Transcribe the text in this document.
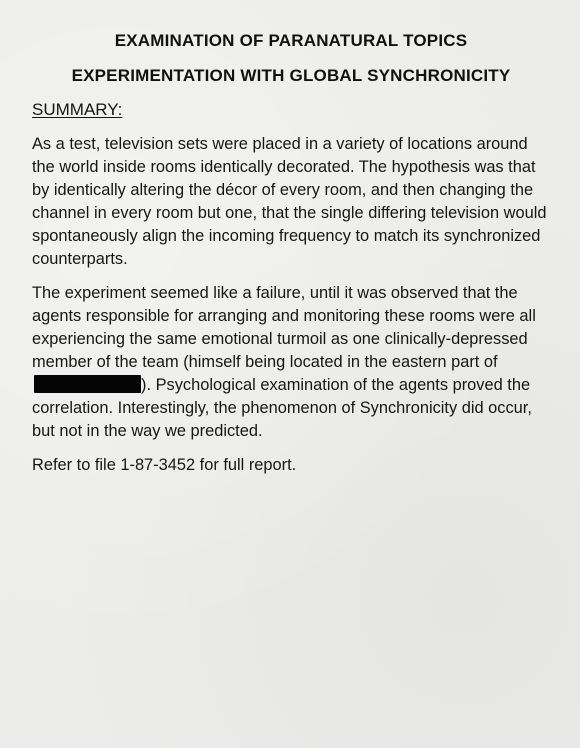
EXAMINATION OF PARANATURAL TOPICS

EXPERIMENTATION WITH GLOBAL SYNCHRONICITY

SUMMARY:

As a test, television sets were placed in a variety of locations around the world inside rooms identically decorated. The hypothesis was that by identically altering the décor of every room, and then changing the channel in every room but one, that the single differing television would spontaneously align the incoming frequency to match its synchronized counterparts.

The experiment seemed like a failure, until it was observed that the agents responsible for arranging and monitoring these rooms were all experiencing the same emotional turmoil as one clinically-depressed member of the team (himself being located in the eastern part of ). Psychological examination of the agents proved the correlation. Interestingly, the phenomenon of Synchronicity did occur, but not in the way we predicted.

Refer to file 1-87-3452 for full report.
